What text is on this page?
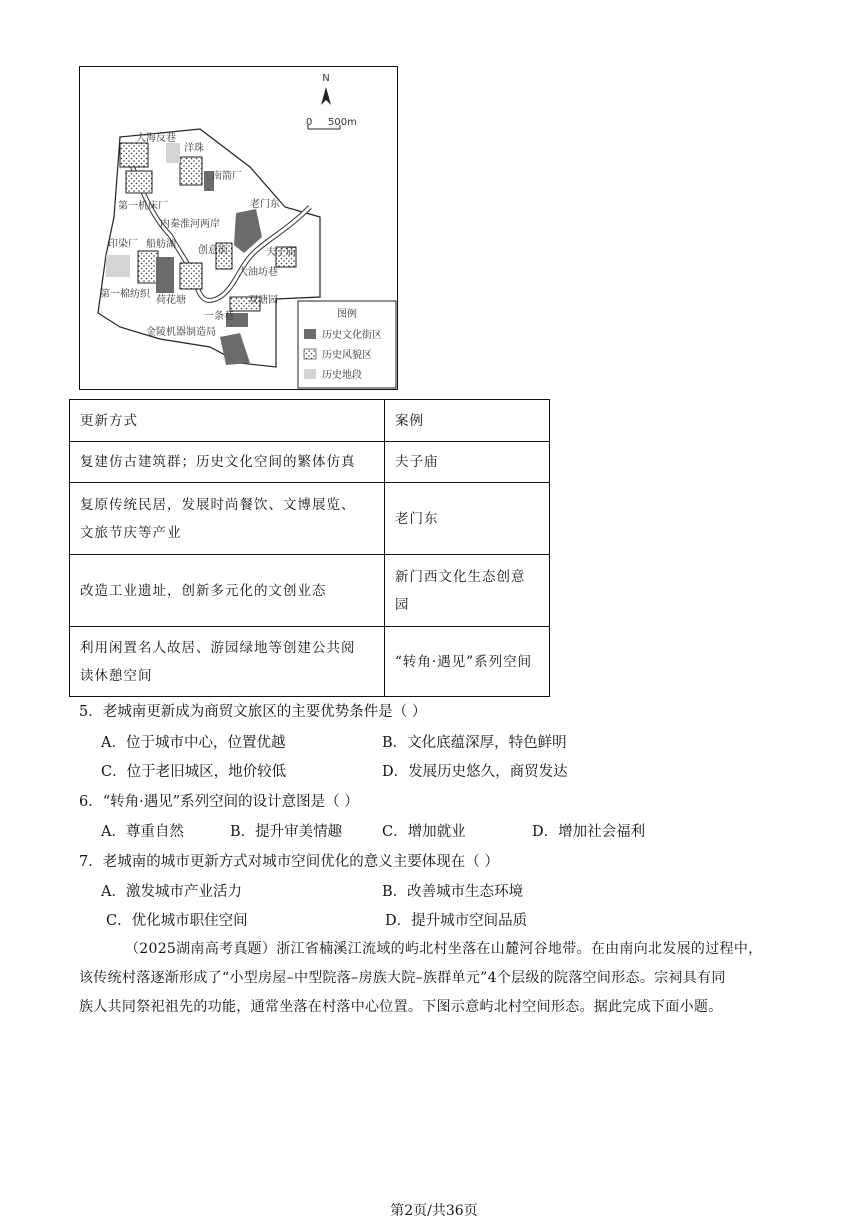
N
0 500m
大海反巷
洋珠
南箭厂
第一机床厂
内秦淮河两岸
老门东
印染厂 船舫湖
创意街	夫子庙
大油坊巷
第一棉纺织
荷花塘	双塘园
一条巷
金陵机器制造局
图例
历史文化街区
历史风貌区
历史地段
更新方式	案例
复建仿古建筑群；历史文化空间的繁体仿真	夫子庙
复原传统民居，发展时尚餐饮、文博展览、
文旅节庆等产业	老门东
改造工业遗址，创新多元化的文创业态	新门西文化生态创意
园
利用闲置名人故居、游园绿地等创建公共阅
读休憩空间	“转角·遇见”系列空间
5．老城南更新成为商贸文旅区的主要优势条件是（ ）
A．位于城市中心，位置优越	B．文化底蕴深厚，特色鲜明
C．位于老旧城区，地价较低	D．发展历史悠久，商贸发达
6．“转角·遇见”系列空间的设计意图是（ ）
A．尊重自然	B．提升审美情趣	C．增加就业	D．增加社会福利
7．老城南的城市更新方式对城市空间优化的意义主要体现在（ ）
A．激发城市产业活力	B．改善城市生态环境
C．优化城市职住空间	D．提升城市空间品质
（2025湖南高考真题）浙江省楠溪江流域的屿北村坐落在山麓河谷地带。在由南向北发展的过程中，
该传统村落逐渐形成了“小型房屋–中型院落–房族大院–族群单元”4个层级的院落空间形态。宗祠具有同
族人共同祭祀祖先的功能，通常坐落在村落中心位置。下图示意屿北村空间形态。据此完成下面小题。
第2页/共36页
